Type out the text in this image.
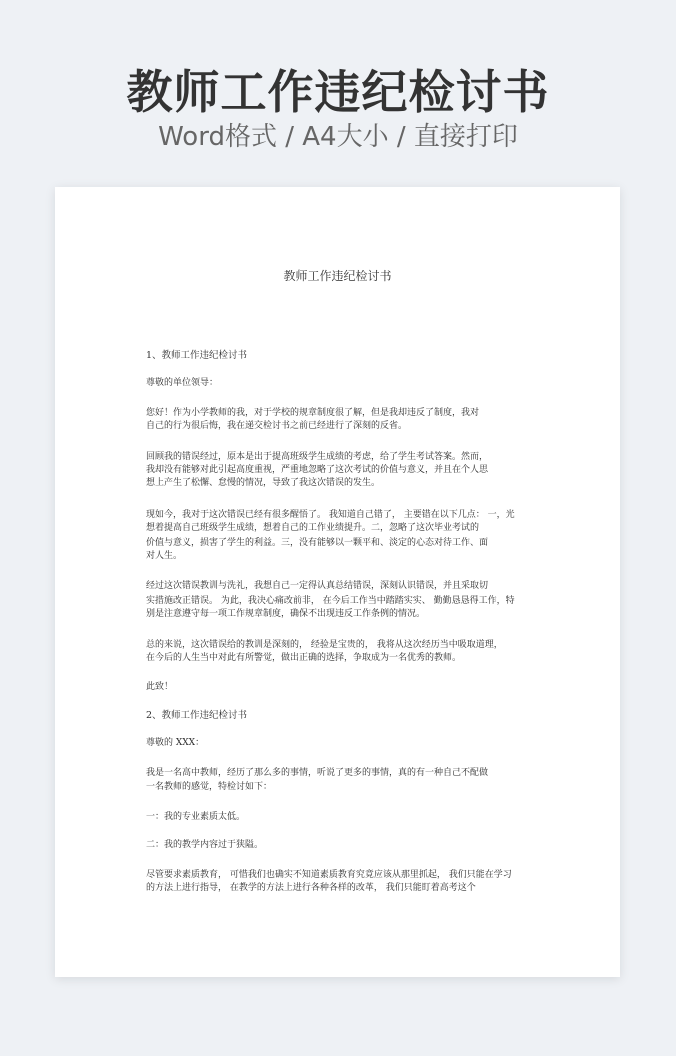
教师工作违纪检讨书
Word格式 / A4大小 / 直接打印
教师工作违纪检讨书
1、教师工作违纪检讨书
尊敬的单位领导：
您好！作为小学教师的我，对于学校的规章制度很了解，但是我却违反了制度，我对
自己的行为很后悔，我在递交检讨书之前已经进行了深刻的反省。
回顾我的错误经过，原本是出于提高班级学生成绩的考虑，给了学生考试答案。然而，
我却没有能够对此引起高度重视，严重地忽略了这次考试的价值与意义，并且在个人思
想上产生了松懈、怠慢的情况，导致了我这次错误的发生。
现如今，我对于这次错误已经有很多醒悟了。 我知道自己错了， 主要错在以下几点： 一，光
想着提高自己班级学生成绩，想着自己的工作业绩提升。二，忽略了这次毕业考试的
价值与意义，损害了学生的利益。三，没有能够以一颗平和、淡定的心态对待工作、面
对人生。
经过这次错误教训与洗礼，我想自己一定得认真总结错误，深刻认识错误，并且采取切
实措施改正错误。 为此，我决心痛改前非， 在今后工作当中踏踏实实、 勤勤恳恳得工作，特
别是注意遵守每一项工作规章制度，确保不出现违反工作条例的情况。
总的来说，这次错误给的教训是深刻的， 经验是宝贵的， 我将从这次经历当中吸取道理，
在今后的人生当中对此有所警觉，做出正确的选择，争取成为一名优秀的教师。
此致！
2、教师工作违纪检讨书
尊敬的 XXX：
我是一名高中教师，经历了那么多的事情，听说了更多的事情，真的有一种自己不配做
一名教师的感觉，特检讨如下：
一：我的专业素质太低。
二：我的教学内容过于狭隘。
尽管要求素质教育， 可惜我们也确实不知道素质教育究竟应该从那里抓起， 我们只能在学习
的方法上进行指导， 在教学的方法上进行各种各样的改革， 我们只能盯着高考这个
